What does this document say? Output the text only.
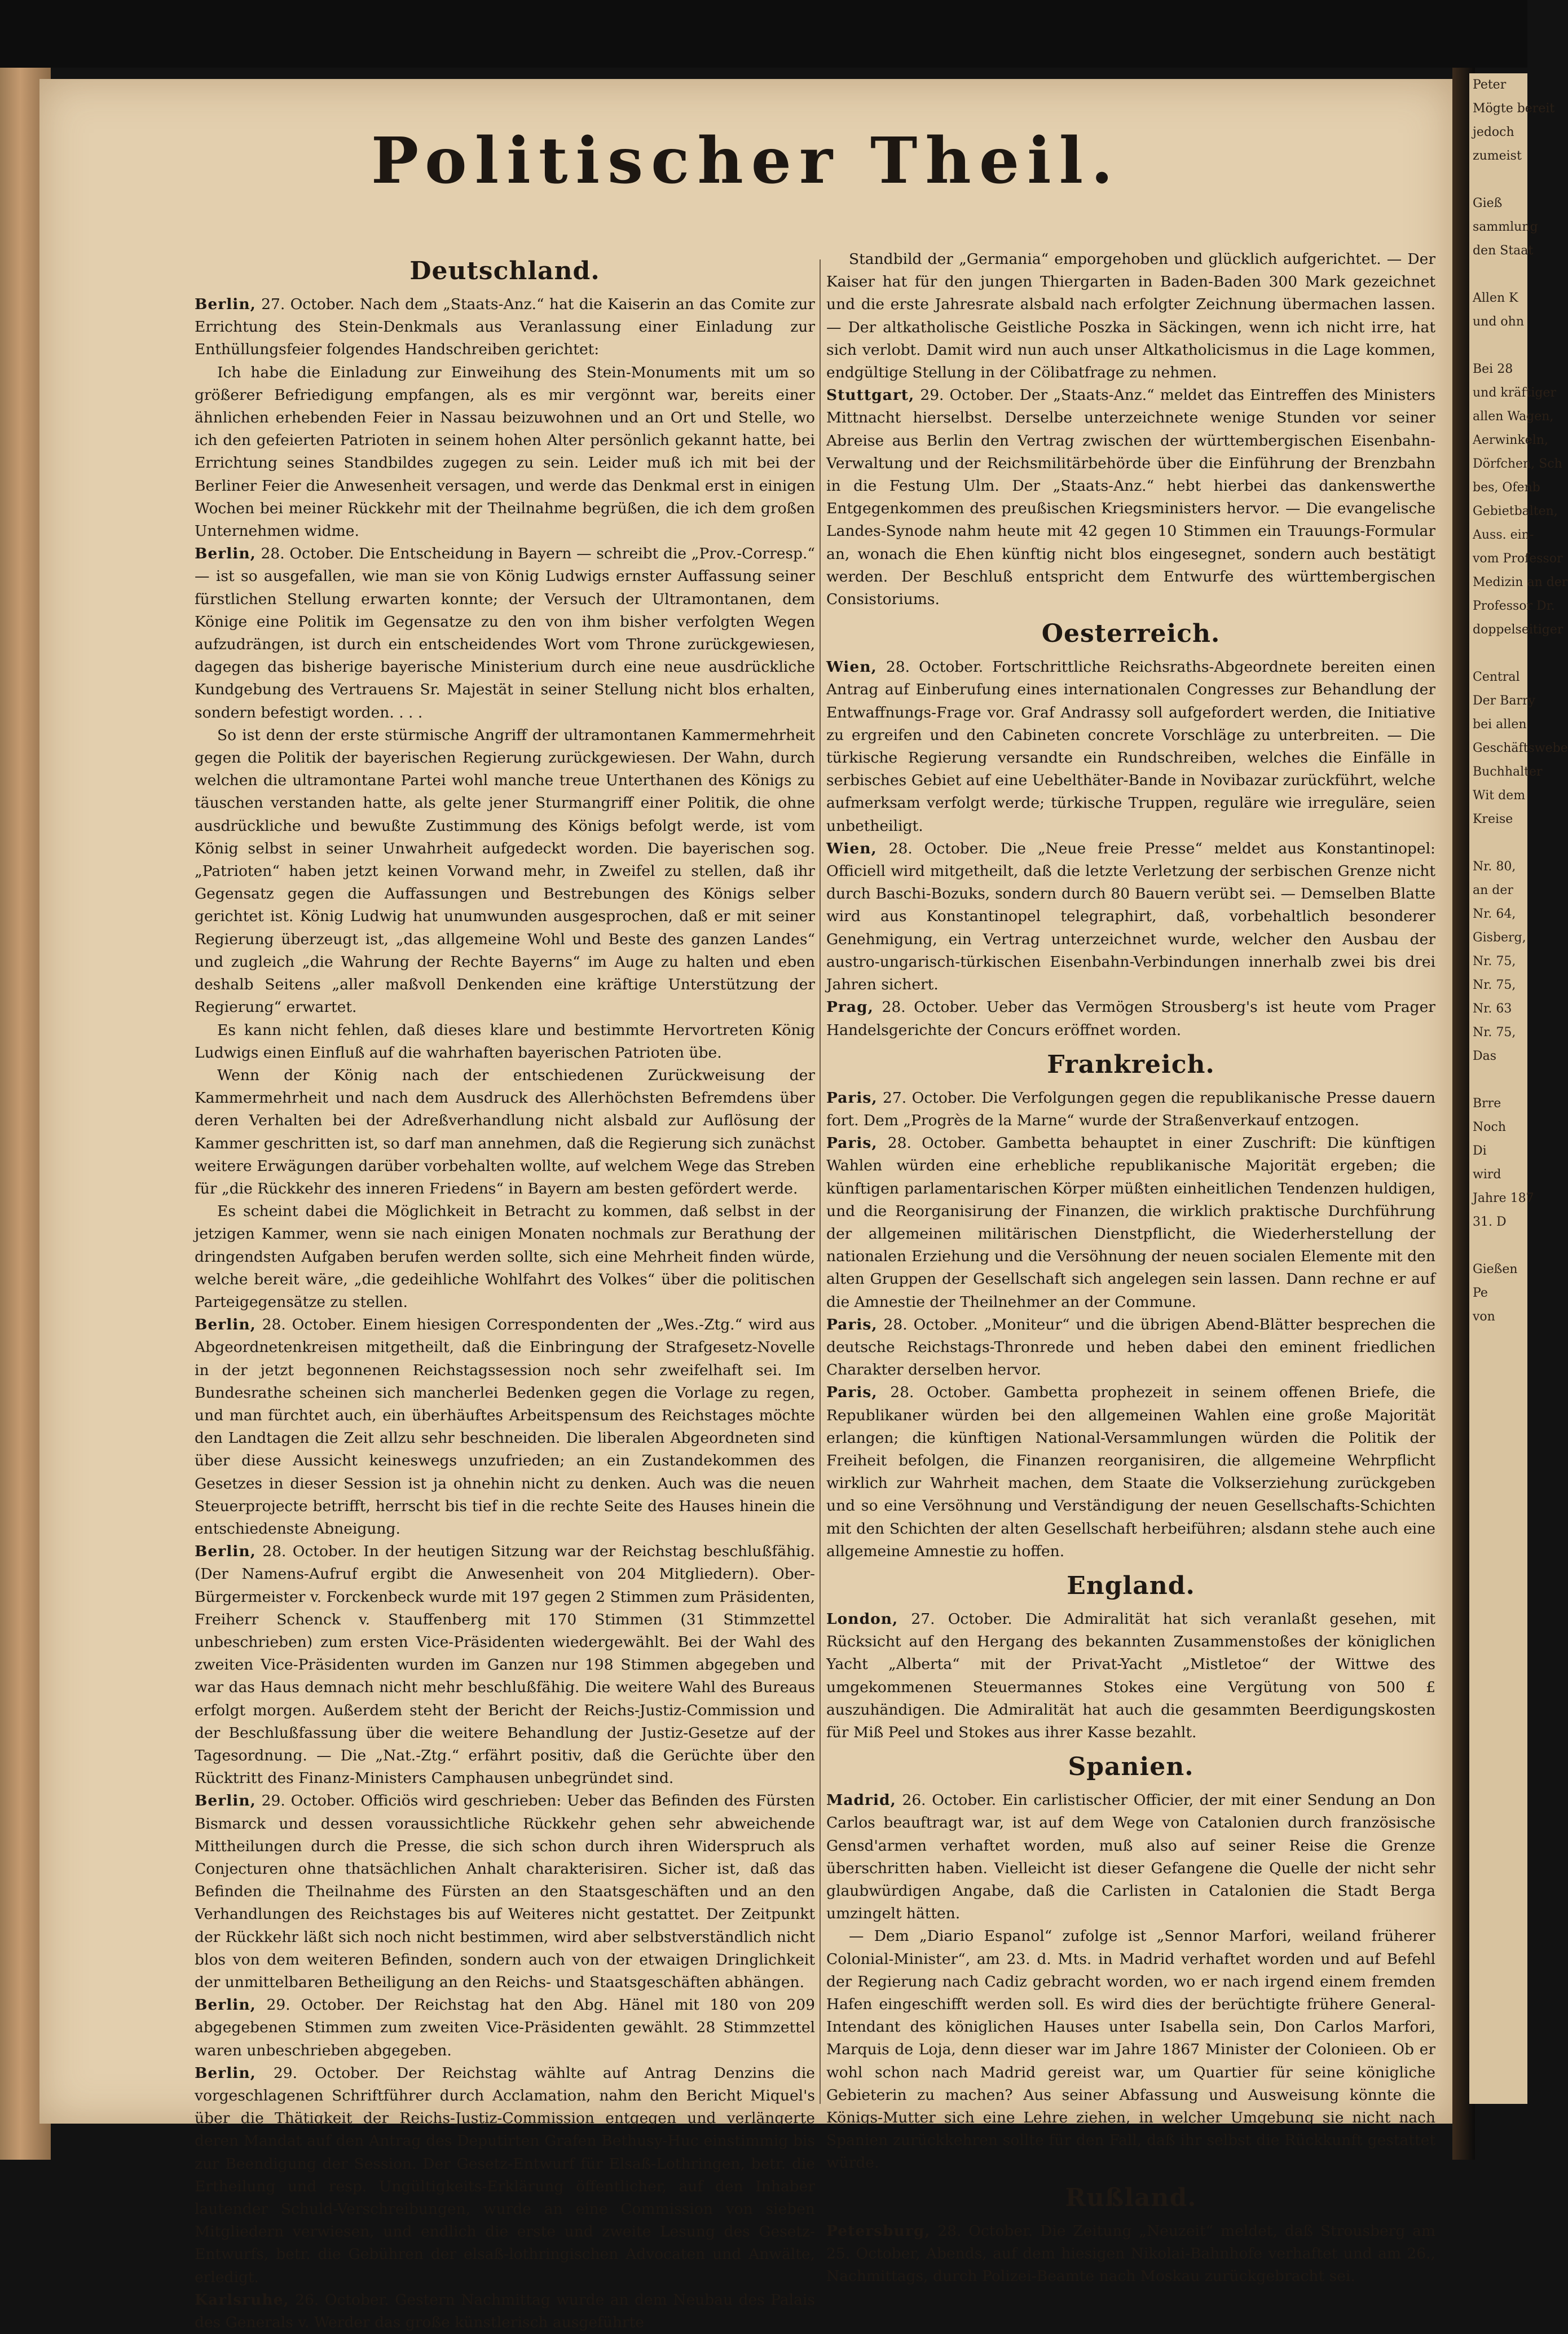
Politischer Theil.
Deutschland.

Berlin, 27. October. Nach dem „Staats-Anz.“ hat die Kaiserin an das Comite zur Errichtung des Stein-Denkmals aus Veranlassung einer Einladung zur Enthüllungsfeier folgendes Handschreiben gerichtet:

Ich habe die Einladung zur Einweihung des Stein-Monuments mit um so größerer Befriedigung empfangen, als es mir vergönnt war, bereits einer ähnlichen erhebenden Feier in Nassau beizuwohnen und an Ort und Stelle, wo ich den gefeierten Patrioten in seinem hohen Alter persönlich gekannt hatte, bei Errichtung seines Standbildes zugegen zu sein. Leider muß ich mit bei der Berliner Feier die Anwesenheit versagen, und werde das Denkmal erst in einigen Wochen bei meiner Rückkehr mit der Theilnahme begrüßen, die ich dem großen Unternehmen widme.

Berlin, 28. October. Die Entscheidung in Bayern — schreibt die „Prov.-Corresp.“ — ist so ausgefallen, wie man sie von König Ludwigs ernster Auffassung seiner fürstlichen Stellung erwarten konnte; der Versuch der Ultramontanen, dem Könige eine Politik im Gegensatze zu den von ihm bisher verfolgten Wegen aufzudrängen, ist durch ein entscheidendes Wort vom Throne zurückgewiesen, dagegen das bisherige bayerische Ministerium durch eine neue ausdrückliche Kundgebung des Vertrauens Sr. Majestät in seiner Stellung nicht blos erhalten, sondern befestigt worden. . . .

So ist denn der erste stürmische Angriff der ultramontanen Kammermehrheit gegen die Politik der bayerischen Regierung zurückgewiesen. Der Wahn, durch welchen die ultramontane Partei wohl manche treue Unterthanen des Königs zu täuschen verstanden hatte, als gelte jener Sturmangriff einer Politik, die ohne ausdrückliche und bewußte Zustimmung des Königs befolgt werde, ist vom König selbst in seiner Unwahrheit aufgedeckt worden. Die bayerischen sog. „Patrioten“ haben jetzt keinen Vorwand mehr, in Zweifel zu stellen, daß ihr Gegensatz gegen die Auffassungen und Bestrebungen des Königs selber gerichtet ist. König Ludwig hat unumwunden ausgesprochen, daß er mit seiner Regierung überzeugt ist, „das allgemeine Wohl und Beste des ganzen Landes“ und zugleich „die Wahrung der Rechte Bayerns“ im Auge zu halten und eben deshalb Seitens „aller maßvoll Denkenden eine kräftige Unterstützung der Regierung“ erwartet.

Es kann nicht fehlen, daß dieses klare und bestimmte Hervortreten König Ludwigs einen Einfluß auf die wahrhaften bayerischen Patrioten übe.

Wenn der König nach der entschiedenen Zurückweisung der Kammermehrheit und nach dem Ausdruck des Allerhöchsten Befremdens über deren Verhalten bei der Adreßverhandlung nicht alsbald zur Auflösung der Kammer geschritten ist, so darf man annehmen, daß die Regierung sich zunächst weitere Erwägungen darüber vorbehalten wollte, auf welchem Wege das Streben für „die Rückkehr des inneren Friedens“ in Bayern am besten gefördert werde.

Es scheint dabei die Möglichkeit in Betracht zu kommen, daß selbst in der jetzigen Kammer, wenn sie nach einigen Monaten nochmals zur Berathung der dringendsten Aufgaben berufen werden sollte, sich eine Mehrheit finden würde, welche bereit wäre, „die gedeihliche Wohlfahrt des Volkes“ über die politischen Parteigegensätze zu stellen.

Berlin, 28. October. Einem hiesigen Correspondenten der „Wes.-Ztg.“ wird aus Abgeordnetenkreisen mitgetheilt, daß die Einbringung der Strafgesetz-Novelle in der jetzt begonnenen Reichstagssession noch sehr zweifelhaft sei. Im Bundesrathe scheinen sich mancherlei Bedenken gegen die Vorlage zu regen, und man fürchtet auch, ein überhäuftes Arbeitspensum des Reichstages möchte den Landtagen die Zeit allzu sehr beschneiden. Die liberalen Abgeordneten sind über diese Aussicht keineswegs unzufrieden; an ein Zustandekommen des Gesetzes in dieser Session ist ja ohnehin nicht zu denken. Auch was die neuen Steuerprojecte betrifft, herrscht bis tief in die rechte Seite des Hauses hinein die entschiedenste Abneigung.

Berlin, 28. October. In der heutigen Sitzung war der Reichstag beschlußfähig. (Der Namens-Aufruf ergibt die Anwesenheit von 204 Mitgliedern). Ober-Bürgermeister v. Forckenbeck wurde mit 197 gegen 2 Stimmen zum Präsidenten, Freiherr Schenck v. Stauffenberg mit 170 Stimmen (31 Stimmzettel unbeschrieben) zum ersten Vice-Präsidenten wiedergewählt. Bei der Wahl des zweiten Vice-Präsidenten wurden im Ganzen nur 198 Stimmen abgegeben und war das Haus demnach nicht mehr beschlußfähig. Die weitere Wahl des Bureaus erfolgt morgen. Außerdem steht der Bericht der Reichs-Justiz-Commission und der Beschlußfassung über die weitere Behandlung der Justiz-Gesetze auf der Tagesordnung. — Die „Nat.-Ztg.“ erfährt positiv, daß die Gerüchte über den Rücktritt des Finanz-Ministers Camphausen unbegründet sind.

Berlin, 29. October. Officiös wird geschrieben: Ueber das Befinden des Fürsten Bismarck und dessen voraussichtliche Rückkehr gehen sehr abweichende Mittheilungen durch die Presse, die sich schon durch ihren Widerspruch als Conjecturen ohne thatsächlichen Anhalt charakterisiren. Sicher ist, daß das Befinden die Theilnahme des Fürsten an den Staatsgeschäften und an den Verhandlungen des Reichstages bis auf Weiteres nicht gestattet. Der Zeitpunkt der Rückkehr läßt sich noch nicht bestimmen, wird aber selbstverständlich nicht blos von dem weiteren Befinden, sondern auch von der etwaigen Dringlichkeit der unmittelbaren Betheiligung an den Reichs- und Staatsgeschäften abhängen.

Berlin, 29. October. Der Reichstag hat den Abg. Hänel mit 180 von 209 abgegebenen Stimmen zum zweiten Vice-Präsidenten gewählt. 28 Stimmzettel waren unbeschrieben abgegeben.

Berlin, 29. October. Der Reichstag wählte auf Antrag Denzins die vorgeschlagenen Schriftführer durch Acclamation, nahm den Bericht Miquel's über die Thätigkeit der Reichs-Justiz-Commission entgegen und verlängerte deren Mandat auf den Antrag des Deputirten Grafen Bethusy-Huc einstimmig bis zur Beendigung der Session. Der Gesetz-Entwurf für Elsaß-Lothringen, betr. die Ertheilung und resp. Ungültigkeits-Erklärung öffentlicher, auf den Inhaber lautender Schuld-Verschreibungen, wurde an eine Commission von sieben Mitgliedern verwiesen, und endlich die erste und zweite Lesung des Gesetz-Entwurfs, betr. die Gebühren der elsaß-lothringischen Advocaten und Anwälte, erledigt.

Karlsruhe, 26. October. Gestern Nachmittag wurde an dem Neubau des Palais des Generals v. Werder das große künstlerisch ausgeführte

Standbild der „Germania“ emporgehoben und glücklich aufgerichtet. — Der Kaiser hat für den jungen Thiergarten in Baden-Baden 300 Mark gezeichnet und die erste Jahresrate alsbald nach erfolgter Zeichnung übermachen lassen. — Der altkatholische Geistliche Poszka in Säckingen, wenn ich nicht irre, hat sich verlobt. Damit wird nun auch unser Altkatholicismus in die Lage kommen, endgültige Stellung in der Cölibatfrage zu nehmen.

Stuttgart, 29. October. Der „Staats-Anz.“ meldet das Eintreffen des Ministers Mittnacht hierselbst. Derselbe unterzeichnete wenige Stunden vor seiner Abreise aus Berlin den Vertrag zwischen der württembergischen Eisenbahn-Verwaltung und der Reichsmilitärbehörde über die Einführung der Brenzbahn in die Festung Ulm. Der „Staats-Anz.“ hebt hierbei das dankenswerthe Entgegenkommen des preußischen Kriegsministers hervor. — Die evangelische Landes-Synode nahm heute mit 42 gegen 10 Stimmen ein Trauungs-Formular an, wonach die Ehen künftig nicht blos eingesegnet, sondern auch bestätigt werden. Der Beschluß entspricht dem Entwurfe des württembergischen Consistoriums.

Oesterreich.

Wien, 28. October. Fortschrittliche Reichsraths-Abgeordnete bereiten einen Antrag auf Einberufung eines internationalen Congresses zur Behandlung der Entwaffnungs-Frage vor. Graf Andrassy soll aufgefordert werden, die Initiative zu ergreifen und den Cabineten concrete Vorschläge zu unterbreiten. — Die türkische Regierung versandte ein Rundschreiben, welches die Einfälle in serbisches Gebiet auf eine Uebelthäter-Bande in Novibazar zurückführt, welche aufmerksam verfolgt werde; türkische Truppen, reguläre wie irreguläre, seien unbetheiligt.

Wien, 28. October. Die „Neue freie Presse“ meldet aus Konstantinopel: Officiell wird mitgetheilt, daß die letzte Verletzung der serbischen Grenze nicht durch Baschi-Bozuks, sondern durch 80 Bauern verübt sei. — Demselben Blatte wird aus Konstantinopel telegraphirt, daß, vorbehaltlich besonderer Genehmigung, ein Vertrag unterzeichnet wurde, welcher den Ausbau der austro-ungarisch-türkischen Eisenbahn-Verbindungen innerhalb zwei bis drei Jahren sichert.

Prag, 28. October. Ueber das Vermögen Strousberg's ist heute vom Prager Handelsgerichte der Concurs eröffnet worden.

Frankreich.

Paris, 27. October. Die Verfolgungen gegen die republikanische Presse dauern fort. Dem „Progrès de la Marne“ wurde der Straßenverkauf entzogen.

Paris, 28. October. Gambetta behauptet in einer Zuschrift: Die künftigen Wahlen würden eine erhebliche republikanische Majorität ergeben; die künftigen parlamentarischen Körper müßten einheitlichen Tendenzen huldigen, und die Reorganisirung der Finanzen, die wirklich praktische Durchführung der allgemeinen militärischen Dienstpflicht, die Wiederherstellung der nationalen Erziehung und die Versöhnung der neuen socialen Elemente mit den alten Gruppen der Gesellschaft sich angelegen sein lassen. Dann rechne er auf die Amnestie der Theilnehmer an der Commune.

Paris, 28. October. „Moniteur“ und die übrigen Abend-Blätter besprechen die deutsche Reichstags-Thronrede und heben dabei den eminent friedlichen Charakter derselben hervor.

Paris, 28. October. Gambetta prophezeit in seinem offenen Briefe, die Republikaner würden bei den allgemeinen Wahlen eine große Majorität erlangen; die künftigen National-Versammlungen würden die Politik der Freiheit befolgen, die Finanzen reorganisiren, die allgemeine Wehrpflicht wirklich zur Wahrheit machen, dem Staate die Volkserziehung zurückgeben und so eine Versöhnung und Verständigung der neuen Gesellschafts-Schichten mit den Schichten der alten Gesellschaft herbeiführen; alsdann stehe auch eine allgemeine Amnestie zu hoffen.

England.

London, 27. October. Die Admiralität hat sich veranlaßt gesehen, mit Rücksicht auf den Hergang des bekannten Zusammenstoßes der königlichen Yacht „Alberta“ mit der Privat-Yacht „Mistletoe“ der Wittwe des umgekommenen Steuermannes Stokes eine Vergütung von 500 £ auszuhändigen. Die Admiralität hat auch die gesammten Beerdigungskosten für Miß Peel und Stokes aus ihrer Kasse bezahlt.

Spanien.

Madrid, 26. October. Ein carlistischer Officier, der mit einer Sendung an Don Carlos beauftragt war, ist auf dem Wege von Catalonien durch französische Gensd'armen verhaftet worden, muß also auf seiner Reise die Grenze überschritten haben. Vielleicht ist dieser Gefangene die Quelle der nicht sehr glaubwürdigen Angabe, daß die Carlisten in Catalonien die Stadt Berga umzingelt hätten.

— Dem „Diario Espanol“ zufolge ist „Sennor Marfori, weiland früherer Colonial-Minister“, am 23. d. Mts. in Madrid verhaftet worden und auf Befehl der Regierung nach Cadiz gebracht worden, wo er nach irgend einem fremden Hafen eingeschifft werden soll. Es wird dies der berüchtigte frühere General-Intendant des königlichen Hauses unter Isabella sein, Don Carlos Marfori, Marquis de Loja, denn dieser war im Jahre 1867 Minister der Colonieen. Ob er wohl schon nach Madrid gereist war, um Quartier für seine königliche Gebieterin zu machen? Aus seiner Abfassung und Ausweisung könnte die Königs-Mutter sich eine Lehre ziehen, in welcher Umgebung sie nicht nach Spanien zurückkehren sollte für den Fall, daß ihr selbst die Rückkunft gestattet würde.

Rußland.

Petersburg, 28. October. Die Zeitung „Neuzeit“ meldet, daß Strousberg am 25. October, Abends, auf dem hiesigen Nikolai-Bahnhofe verhaftet und am 26., Nachmittags, durch Polizei-Beamte nach Moskau zurückgebracht sei.

Peter
Mögte bereit
jedoch
zumeist

Gieß
sammlung
den Staat

Allen K
und ohn

Bei 28
und kräftiger
allen Wagen,
Aerwinkeln,
Dörfchen, Sch
bes, Ofenb
Gebietbalten,
Auss. ein-
vom Professor
Medizin an der
Professor Dr.
doppelseitiger

Central
Der Barry
bei allen
Geschäftswebe
Buchhalter
Wit dem
Kreise

Nr. 80,
an der
Nr. 64,
Gisberg,
Nr. 75,
Nr. 75,
Nr. 63
Nr. 75,
Das

Brre
Noch
Di
wird
Jahre 187
31. D

Gießen
Pe
von
